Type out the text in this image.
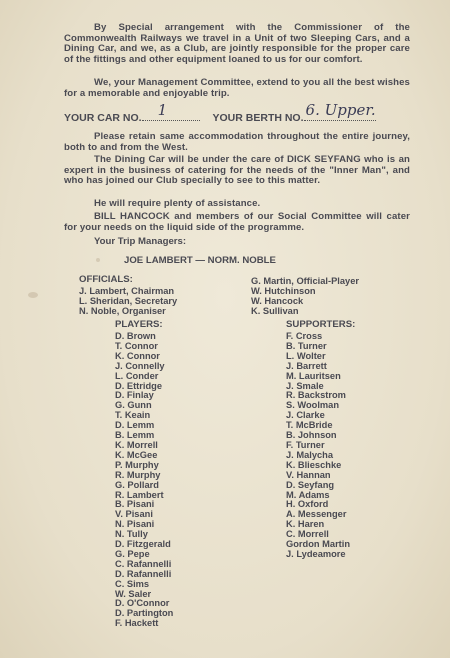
By Special arrangement with the Commissioner of the Commonwealth Railways we travel in a Unit of two Sleeping Cars, and a Dining Car, and we, as a Club, are jointly responsible for the proper care of the fittings and other equipment loaned to us for our comfort.

We, your Management Committee, extend to you all the best wishes for a memorable and enjoyable trip.

YOUR CAR NO. 1	YOUR BERTH NO. 6. Upper.

Please retain same accommodation throughout the entire journey, both to and from the West.

The Dining Car will be under the care of DICK SEYFANG who is an expert in the business of catering for the needs of the "Inner Man", and who has joined our Club specially to see to this matter.

He will require plenty of assistance.

BILL HANCOCK and members of our Social Committee will cater for your needs on the liquid side of the programme.

Your Trip Managers:
JOE LAMBERT — NORM. NOBLE
OFFICIALS:
J. Lambert, Chairman
L. Sheridan, Secretary
N. Noble, Organiser
G. Martin, Official-Player
W. Hutchinson
W. Hancock
K. Sullivan
PLAYERS:
D. Brown
T. Connor
K. Connor
J. Connelly
L. Conder
D. Ettridge
D. Finlay
G. Gunn
T. Keain
D. Lemm
B. Lemm
K. Morrell
K. McGee
P. Murphy
R. Murphy
G. Pollard
R. Lambert
B. Pisani
V. Pisani
N. Pisani
N. Tully
D. Fitzgerald
G. Pepe
C. Rafannelli
D. Rafannelli
C. Sims
W. Saler
D. O'Connor
D. Partington
F. Hackett
SUPPORTERS:
F. Cross
B. Turner
L. Wolter
J. Barrett
M. Lauritsen
J. Smale
R. Backstrom
S. Woolman
J. Clarke
T. McBride
B. Johnson
F. Turner
J. Malycha
K. Blieschke
V. Hannan
D. Seyfang
M. Adams
H. Oxford
A. Messenger
K. Haren
C. Morrell
Gordon Martin
J. Lydeamore
